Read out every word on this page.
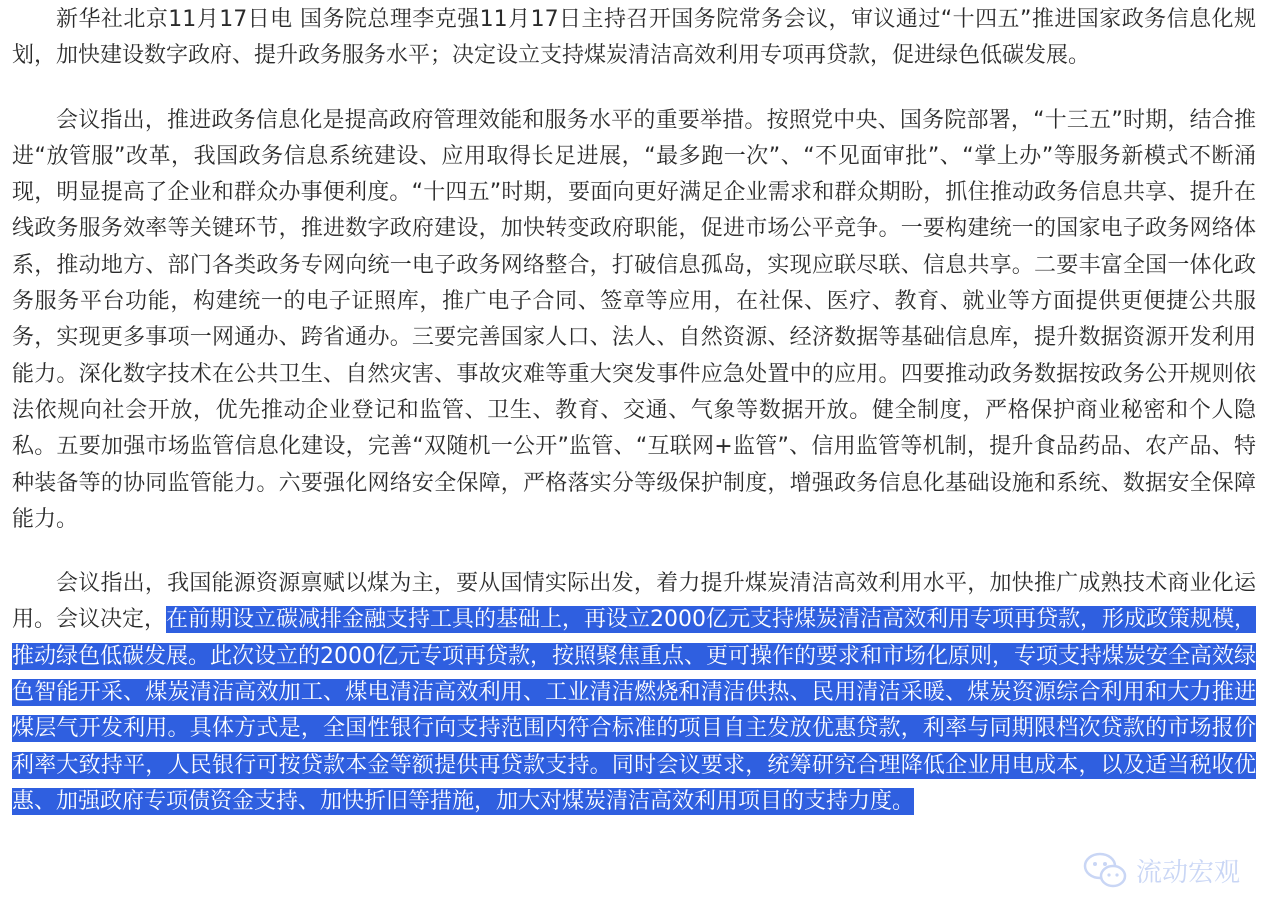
新华社北京11月17日电 国务院总理李克强11月17日主持召开国务院常务会议，审议通过“十四五”推进国家政务信息化规划，加快建设数字政府、提升政务服务水平；决定设立支持煤炭清洁高效利用专项再贷款，促进绿色低碳发展。

会议指出，推进政务信息化是提高政府管理效能和服务水平的重要举措。按照党中央、国务院部署，“十三五”时期，结合推进“放管服”改革，我国政务信息系统建设、应用取得长足进展，“最多跑一次”、“不见面审批”、“掌上办”等服务新模式不断涌现，明显提高了企业和群众办事便利度。“十四五”时期，要面向更好满足企业需求和群众期盼，抓住推动政务信息共享、提升在线政务服务效率等关键环节，推进数字政府建设，加快转变政府职能，促进市场公平竞争。一要构建统一的国家电子政务网络体系，推动地方、部门各类政务专网向统一电子政务网络整合，打破信息孤岛，实现应联尽联、信息共享。二要丰富全国一体化政务服务平台功能，构建统一的电子证照库，推广电子合同、签章等应用，在社保、医疗、教育、就业等方面提供更便捷公共服务，实现更多事项一网通办、跨省通办。三要完善国家人口、法人、自然资源、经济数据等基础信息库，提升数据资源开发利用能力。深化数字技术在公共卫生、自然灾害、事故灾难等重大突发事件应急处置中的应用。四要推动政务数据按政务公开规则依法依规向社会开放，优先推动企业登记和监管、卫生、教育、交通、气象等数据开放。健全制度，严格保护商业秘密和个人隐私。五要加强市场监管信息化建设，完善“双随机一公开”监管、“互联网+监管”、信用监管等机制，提升食品药品、农产品、特种装备等的协同监管能力。六要强化网络安全保障，严格落实分等级保护制度，增强政务信息化基础设施和系统、数据安全保障能力。

会议指出，我国能源资源禀赋以煤为主，要从国情实际出发，着力提升煤炭清洁高效利用水平，加快推广成熟技术商业化运用。会议决定，在前期设立碳减排金融支持工具的基础上，再设立2000亿元支持煤炭清洁高效利用专项再贷款，形成政策规模，推动绿色低碳发展。此次设立的2000亿元专项再贷款，按照聚焦重点、更可操作的要求和市场化原则，专项支持煤炭安全高效绿色智能开采、煤炭清洁高效加工、煤电清洁高效利用、工业清洁燃烧和清洁供热、民用清洁采暖、煤炭资源综合利用和大力推进煤层气开发利用。具体方式是，全国性银行向支持范围内符合标准的项目自主发放优惠贷款，利率与同期限档次贷款的市场报价利率大致持平，人民银行可按贷款本金等额提供再贷款支持。同时会议要求，统筹研究合理降低企业用电成本，以及适当税收优惠、加强政府专项债资金支持、加快折旧等措施，加大对煤炭清洁高效利用项目的支持力度。

流动宏观
